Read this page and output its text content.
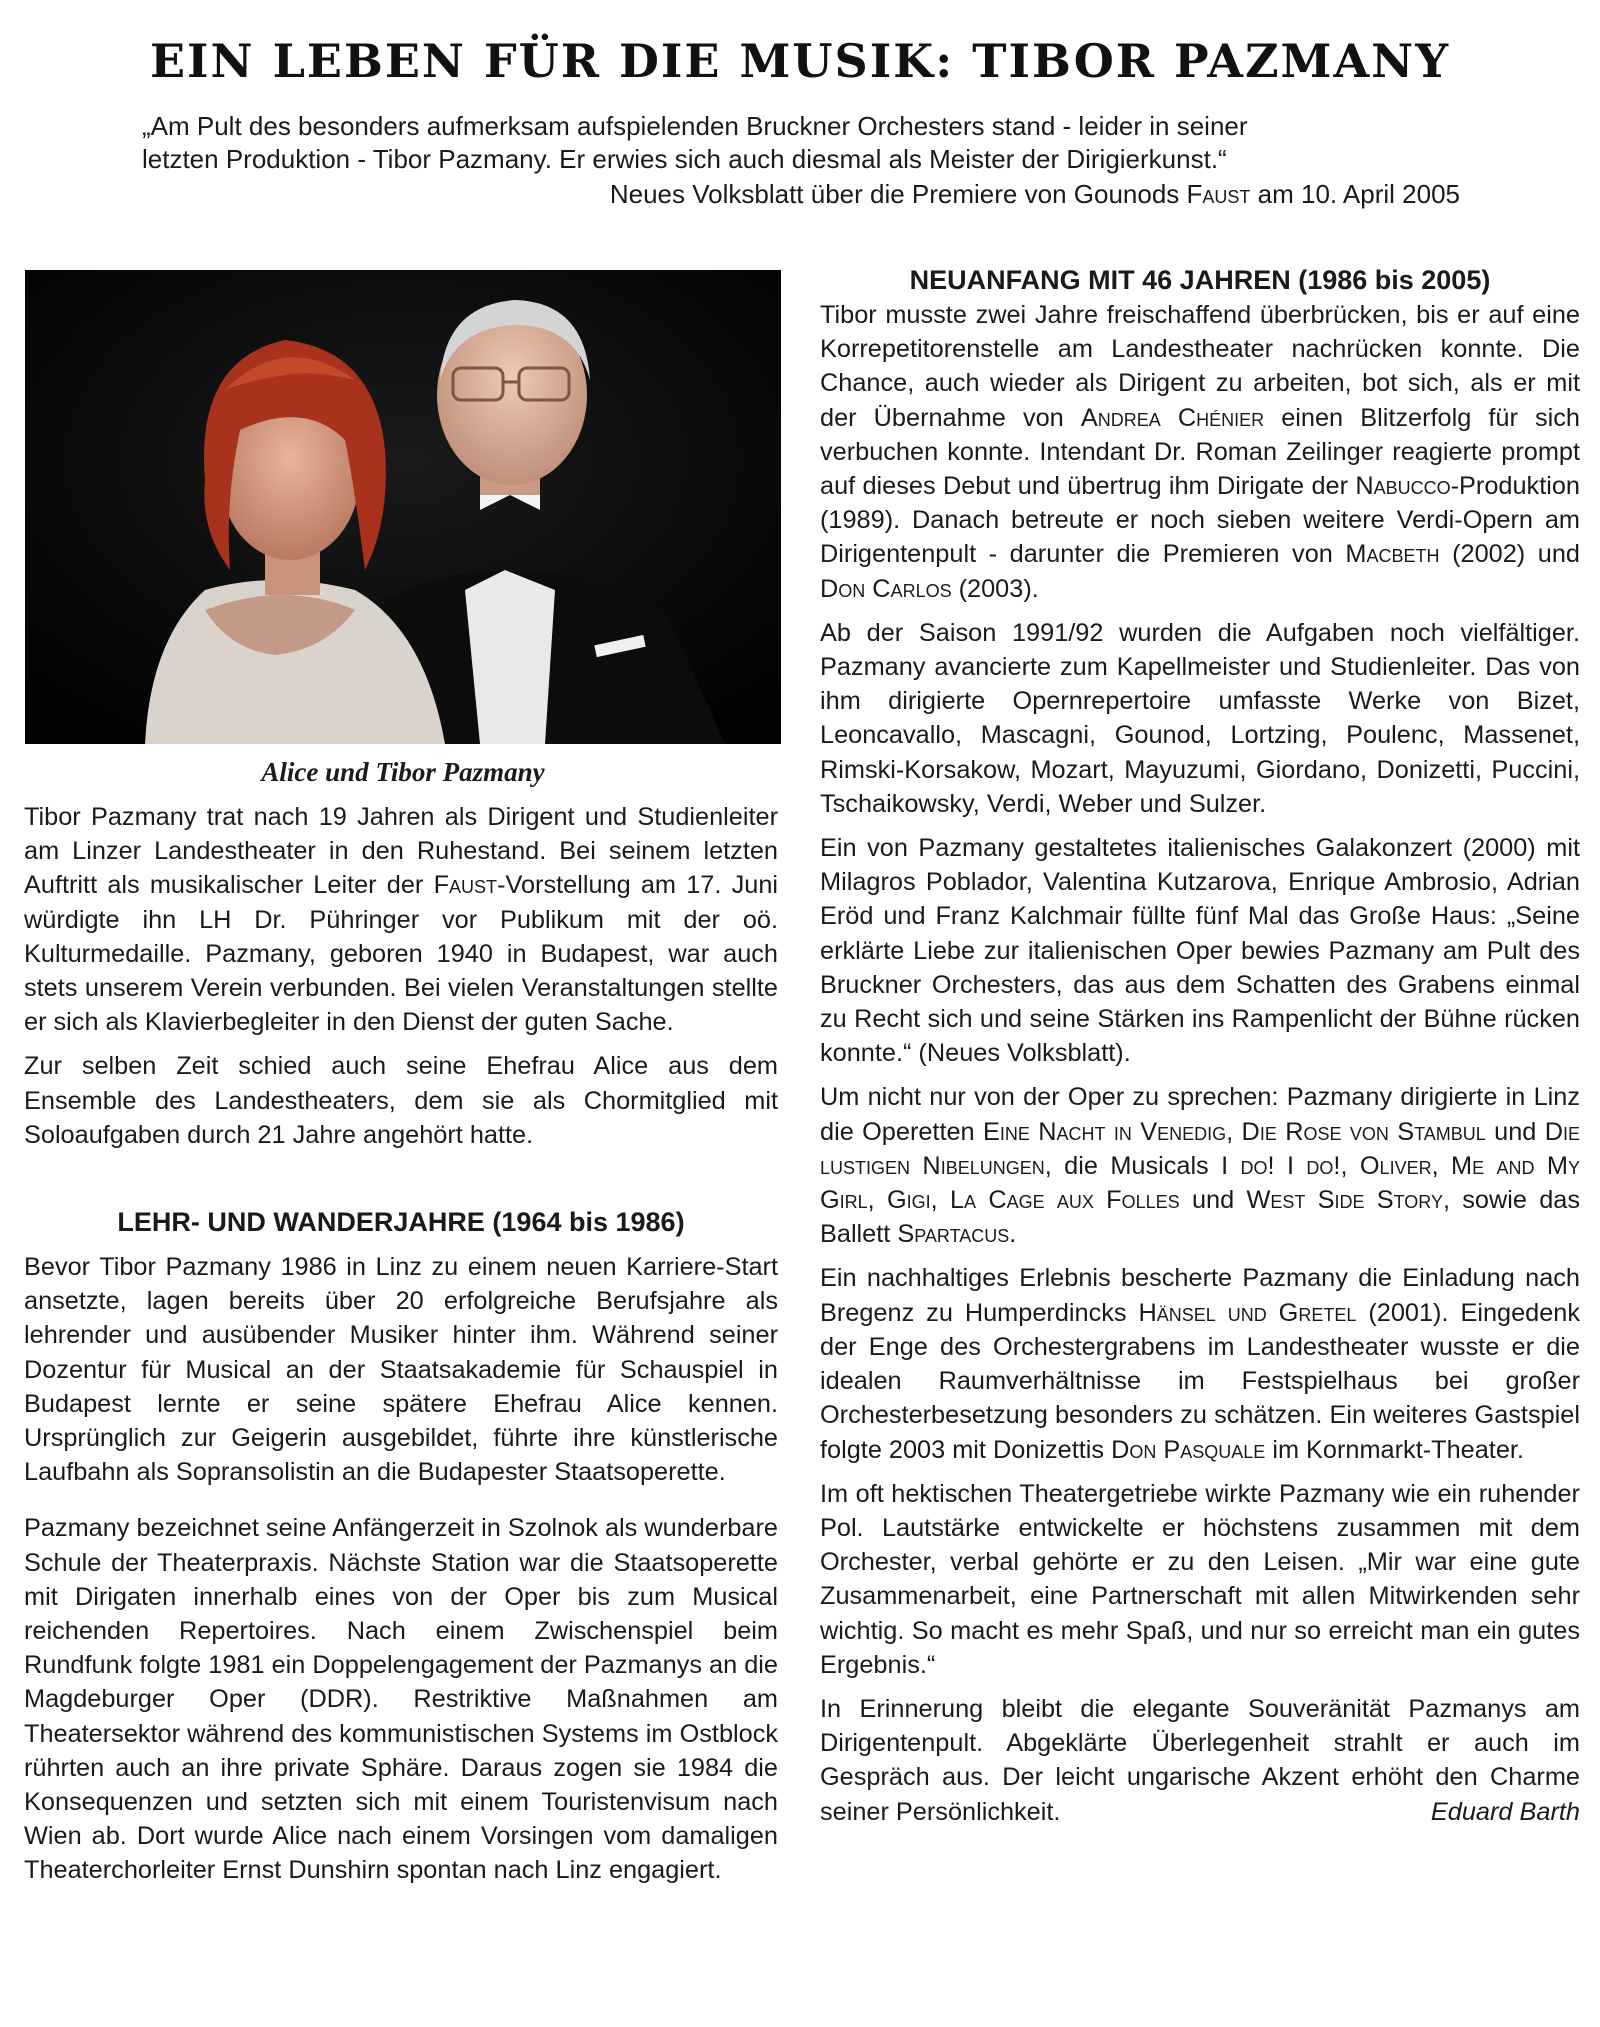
EIN LEBEN FÜR DIE MUSIK: TIBOR PAZMANY
„Am Pult des besonders aufmerksam aufspielenden Bruckner Orchesters stand - leider in seiner
letzten Produktion - Tibor Pazmany. Er erwies sich auch diesmal als Meister der Dirigierkunst.“
Neues Volksblatt über die Premiere von Gounods Faust am 10. April 2005
Alice und Tibor Pazmany

Tibor Pazmany trat nach 19 Jahren als Dirigent und Studienleiter am Linzer Landestheater in den Ruhestand. Bei seinem letzten Auftritt als musikalischer Leiter der Faust-Vorstellung am 17. Juni würdigte ihn LH Dr. Pühringer vor Publikum mit der oö. Kulturmedaille. Pazmany, geboren 1940 in Budapest, war auch stets unserem Verein verbunden. Bei vielen Veranstaltungen stellte er sich als Klavierbegleiter in den Dienst der guten Sache.

Zur selben Zeit schied auch seine Ehefrau Alice aus dem Ensemble des Landestheaters, dem sie als Chormitglied mit Soloaufgaben durch 21 Jahre angehört hatte.

LEHR- UND WANDERJAHRE (1964 bis 1986)

Bevor Tibor Pazmany 1986 in Linz zu einem neuen Karriere-Start ansetzte, lagen bereits über 20 erfolgreiche Berufsjahre als lehrender und ausübender Musiker hinter ihm. Während seiner Dozentur für Musical an der Staatsakademie für Schauspiel in Budapest lernte er seine spätere Ehefrau Alice kennen. Ursprünglich zur Geigerin ausgebildet, führte ihre künstlerische Laufbahn als Sopransolistin an die Budapester Staatsoperette.

Pazmany bezeichnet seine Anfängerzeit in Szolnok als wunderbare Schule der Theaterpraxis. Nächste Station war die Staatsoperette mit Dirigaten innerhalb eines von der Oper bis zum Musical reichenden Repertoires. Nach einem Zwischenspiel beim Rundfunk folgte 1981 ein Doppelengagement der Pazmanys an die Magdeburger Oper (DDR). Restriktive Maßnahmen am Theatersektor während des kommunistischen Systems im Ostblock rührten auch an ihre private Sphäre. Daraus zogen sie 1984 die Konsequenzen und setzten sich mit einem Touristenvisum nach Wien ab. Dort wurde Alice nach einem Vorsingen vom damaligen Theaterchorleiter Ernst Dunshirn spontan nach Linz engagiert.

NEUANFANG MIT 46 JAHREN (1986 bis 2005)

Tibor musste zwei Jahre freischaffend überbrücken, bis er auf eine Korrepetitorenstelle am Landestheater nachrücken konnte. Die Chance, auch wieder als Dirigent zu arbeiten, bot sich, als er mit der Übernahme von Andrea Chénier einen Blitzerfolg für sich verbuchen konnte. Intendant Dr. Roman Zeilinger reagierte prompt auf dieses Debut und übertrug ihm Dirigate der Nabucco-Produktion (1989). Danach betreute er noch sieben weitere Verdi-Opern am Dirigentenpult - darunter die Premieren von Macbeth (2002) und Don Carlos (2003).

Ab der Saison 1991/92 wurden die Aufgaben noch vielfältiger. Pazmany avancierte zum Kapellmeister und Studienleiter. Das von ihm dirigierte Opernrepertoire umfasste Werke von Bizet, Leoncavallo, Mascagni, Gounod, Lortzing, Poulenc, Massenet, Rimski-Korsakow, Mozart, Mayuzumi, Giordano, Donizetti, Puccini, Tschaikowsky, Verdi, Weber und Sulzer.

Ein von Pazmany gestaltetes italienisches Galakonzert (2000) mit Milagros Poblador, Valentina Kutzarova, Enrique Ambrosio, Adrian Eröd und Franz Kalchmair füllte fünf Mal das Große Haus: „Seine erklärte Liebe zur italienischen Oper bewies Pazmany am Pult des Bruckner Orchesters, das aus dem Schatten des Grabens einmal zu Recht sich und seine Stärken ins Rampenlicht der Bühne rücken konnte.“ (Neues Volksblatt).

Um nicht nur von der Oper zu sprechen: Pazmany dirigierte in Linz die Operetten Eine Nacht in Venedig, Die Rose von Stambul und Die lustigen Nibelungen, die Musicals I do! I do!, Oliver, Me and My Girl, Gigi, La Cage aux Folles und West Side Story, sowie das Ballett Spartacus.

Ein nachhaltiges Erlebnis bescherte Pazmany die Einladung nach Bregenz zu Humperdincks Hänsel und Gretel (2001). Eingedenk der Enge des Orchestergrabens im Landestheater wusste er die idealen Raumverhältnisse im Festspielhaus bei großer Orchesterbesetzung besonders zu schätzen. Ein weiteres Gastspiel folgte 2003 mit Donizettis Don Pasquale im Kornmarkt-Theater.

Im oft hektischen Theatergetriebe wirkte Pazmany wie ein ruhender Pol. Lautstärke entwickelte er höchstens zusammen mit dem Orchester, verbal gehörte er zu den Leisen. „Mir war eine gute Zusammenarbeit, eine Partnerschaft mit allen Mitwirkenden sehr wichtig. So macht es mehr Spaß, und nur so erreicht man ein gutes Ergebnis.“

In Erinnerung bleibt die elegante Souveränität Pazmanys am Dirigentenpult. Abgeklärte Überlegenheit strahlt er auch im Gespräch aus. Der leicht ungarische Akzent erhöht den Charme seiner Persönlichkeit.	Eduard Barth
